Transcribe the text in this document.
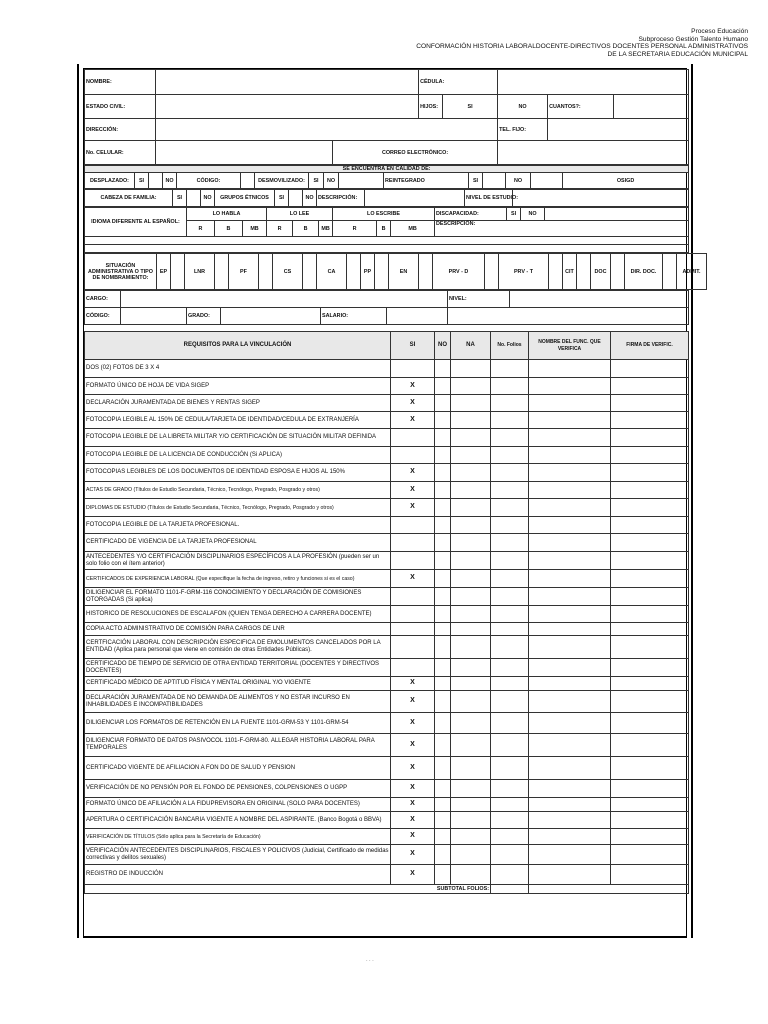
Proceso Educación
Subproceso Gestión Talento Humano
CONFORMACIÓN HISTORIA LABORALDOCENTE-DIRECTIVOS DOCENTES PERSONAL ADMINISTRATIVOS
DE LA SECRETARIA EDUCACIÓN MUNICIPAL
NOMBRE:			CÉDULA:				
ESTADO CIVIL:			HIJOS:	SI	NO	CUANTOS?:	
DIRECCIÓN:					TEL. FIJO:		
No. CELULAR:		CORREO ELECTRÓNICO:					
SE ENCUENTRA EN CALIDAD DE:
DESPLAZADO:	SI		NO	CÓDIGO:		DESMOVILIZADO:	SI	NO		REINTEGRADO	SI		NO		OSIGD
CABEZA DE FAMILIA:	SI		NO	GRUPOS ÉTNICOS	SI		NO	DESCRIPCIÓN:		NIVEL DE ESTUDIO:	
IDIOMA DIFERENTE AL ESPAÑOL:	LO HABLA			LO LEE			LO ESCRIBE			DISCAPACIDAD:	SI	NO	
	R	B	MB	R	B	MB	R	B	MB	DESCRIPCIÓN:			

SITUACIÓN ADMINISTRATIVA O TIPO DE NOMBRAMIENTO:	EP		LNR		PF		CS		CA		PP		EN		PRV - D		PRV - T		CIT		DOC		DIR. DOC.		ADMIT.
CARGO:						NIVEL:	
CÓDIGO:		GRADO:		SALARIO:			
REQUISITOS PARA LA VINCULACIÓN	SI	NO	NA	No. Folios	NOMBRE DEL FUNC. QUE VERIFICA	FIRMA DE VERIFIC.
DOS (02) FOTOS DE 3 X 4						
FORMATO ÚNICO DE HOJA DE VIDA SIGEP	X					
DECLARACIÓN JURAMENTADA DE BIENES Y RENTAS SIGEP	X					
FOTOCOPIA LEGIBLE AL 150% DE CEDULA/TARJETA DE IDENTIDAD/CEDULA DE EXTRANJERÍA	X					
FOTOCOPIA LEGIBLE DE LA LIBRETA MILITAR Y/O CERTIFICACIÓN DE SITUACIÓN MILITAR DEFINIDA						
FOTOCOPIA LEGIBLE DE LA LICENCIA DE CONDUCCIÓN (Si APLICA)						
FOTOCOPIAS LEGIBLES DE LOS DOCUMENTOS DE IDENTIDAD ESPOSA E HIJOS AL 150%	X					
ACTAS DE GRADO (Títulos de Estudio Secundaria, Técnico, Tecnólogo, Pregrado, Posgrado y otros)	X					
DIPLOMAS DE ESTUDIO (Títulos de Estudio Secundaria, Técnico, Tecnólogo, Pregrado, Posgrado y otros)	X					
FOTOCOPIA LEGIBLE DE LA TARJETA PROFESIONAL.						
CERTIFICADO DE VIGENCIA DE LA TARJETA PROFESIONAL						
ANTECEDENTES Y/O CERTIFICACIÓN DISCIPLINARIOS ESPECÍFICOS A LA PROFESIÓN (pueden ser un solo folio con el ítem anterior)						
CERTIFICADOS DE EXPERIENCIA LABORAL (Que especifique la fecha de ingreso, retiro y funciones si es el caso)	X					
DILIGENCIAR EL FORMATO 1101-F-GRM-116 CONOCIMIENTO Y DECLARACIÓN DE COMISIONES OTORGADAS (Si aplica)						
HISTORICO DE RESOLUCIONES DE ESCALAFON (QUIEN TENGA DERECHO A CARRERA DOCENTE)						
COPIA ACTO ADMINISTRATIVO DE COMISIÓN PARA CARGOS DE LNR						
CERTFICACIÓN LABORAL CON DESCRIPCIÓN ESPECIFICA DE EMOLUMENTOS CANCELADOS POR LA ENTIDAD (Aplica para personal que viene en comisión de otras Entidades Públicas).						
CERTIFICADO DE TIEMPO DE SERVICIO DE OTRA ENTIDAD TERRITORIAL (DOCENTES Y DIRECTIVOS DOCENTES)						
CERTIFICADO MÉDICO DE APTITUD FÍSICA Y MENTAL ORIGINAL Y/O VIGENTE	X					
DECLARACIÓN JURAMENTADA DE NO DEMANDA DE ALIMENTOS Y NO ESTAR INCURSO EN INHABILIDADES E INCOMPATIBILIDADES	X					
DILIGENCIAR LOS FORMATOS DE RETENCIÓN EN LA FUENTE 1101-GRM-53 Y 1101-GRM-54	X					
DILIGENCIAR FORMATO DE DATOS PASIVOCOL 1101-F-GRM-80. ALLEGAR HISTORIA LABORAL PARA TEMPORALES	X					
CERTIFICADO VIGENTE DE AFILIACION A FON DO DE SALUD Y PENSION	X					
VERIFICACIÓN DE NO PENSIÓN POR EL FONDO DE PENSIONES, COLPENSIONES O UGPP	X					
FORMATO ÚNICO DE AFILIACIÓN A LA FIDUPREVISORA EN ORIGINAL (SOLO PARA DOCENTES)	X					
APERTURA O CERTIFICACIÓN BANCARIA VIGENTE A NOMBRE DEL ASPIRANTE. (Banco Bogotá o BBVA)	X					
VERIFICACIÓN DE TÍTULOS (Sólo aplica para la Secretaría de Educación)	X					
VERIFICACIÓN ANTECEDENTES DISCIPLINARIOS, FISCALES Y POLICIVOS (Judicial, Certificado de medidas correctivas y delitos sexuales)	X					
REGISTRO DE INDUCCIÓN	X					
SUBTOTAL FOLIOS:						
· · ·
